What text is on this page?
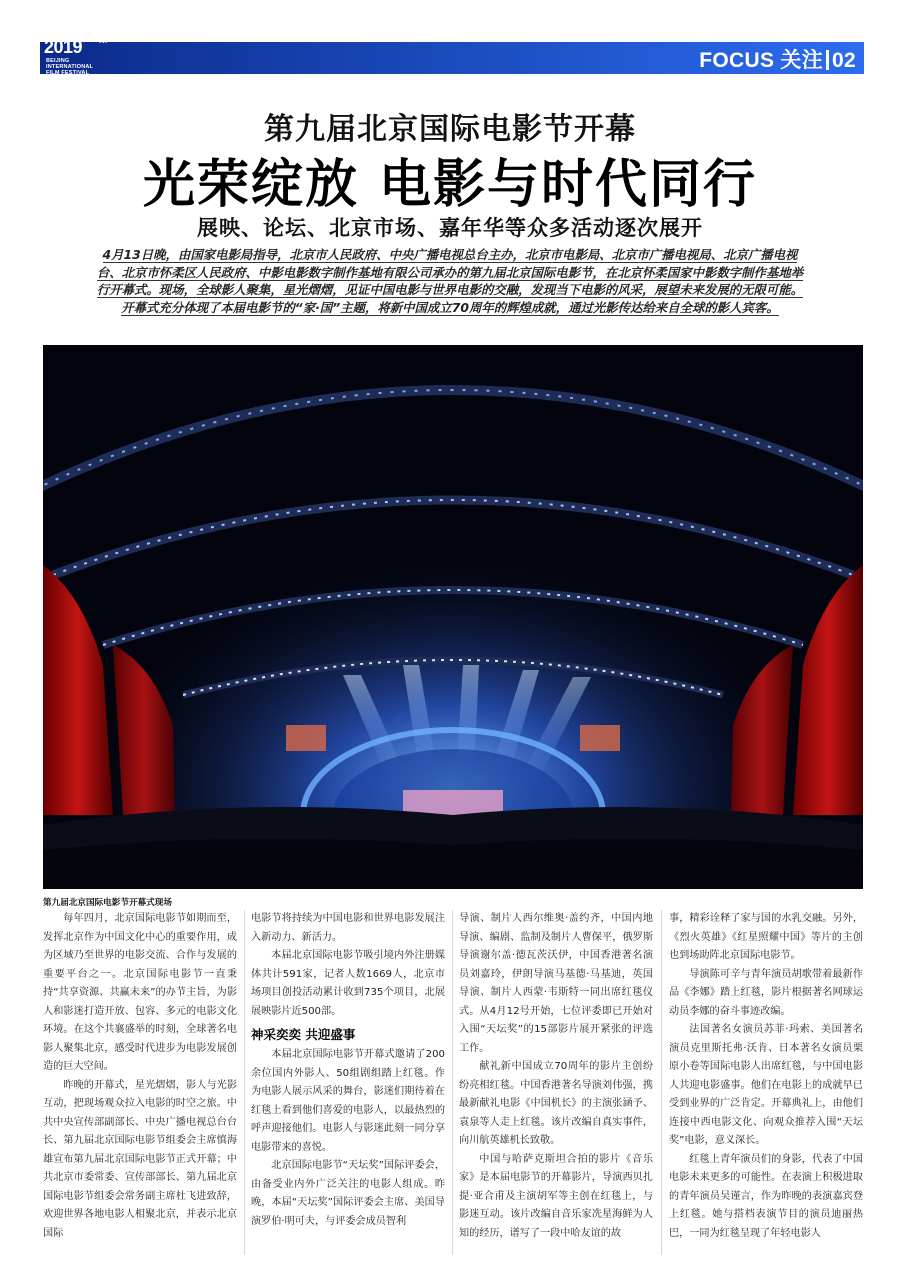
2019	TH
BEIJING
INTERNATIONAL
FILM FESTIVAL
FOCUS 关注 02
第九届北京国际电影节开幕
光荣绽放 电影与时代同行
展映、论坛、北京市场、嘉年华等众多活动逐次展开
4月13日晚，由国家电影局指导，北京市人民政府、中央广播电视总台主办，北京市电影局、北京市广播电视局、北京广播电视台、北京市怀柔区人民政府、中影电影数字制作基地有限公司承办的第九届北京国际电影节，在北京怀柔国家中影数字制作基地举行开幕式。现场，全球影人聚集，星光熠熠，见证中国电影与世界电影的交融，发现当下电影的风采，展望未来发展的无限可能。开幕式充分体现了本届电影节的“家·国”主题，将新中国成立70周年的辉煌成就，通过光影传达给来自全球的影人宾客。
第九届北京国际电影节开幕式现场

每年四月，北京国际电影节如期而至，发挥北京作为中国文化中心的重要作用，成为区域乃至世界的电影交流、合作与发展的重要平台之一。北京国际电影节一直秉持“共享资源、共赢未来”的办节主旨，为影人和影迷打造开放、包容、多元的电影文化环境。在这个共襄盛举的时刻，全球著名电影人聚集北京，感受时代进步为电影发展创造的巨大空间。

昨晚的开幕式，星光熠熠，影人与光影互动，把现场观众拉入电影的时空之旅。中共中央宣传部副部长、中央广播电视总台台长、第九届北京国际电影节组委会主席慎海雄宣布第九届北京国际电影节正式开幕；中共北京市委常委、宣传部部长、第九届北京国际电影节组委会常务副主席杜飞进致辞，欢迎世界各地电影人相聚北京，并表示北京国际

电影节将持续为中国电影和世界电影发展注入新动力、新活力。

本届北京国际电影节吸引境内外注册媒体共计591家，记者人数1669人，北京市场项目创投活动累计收到735个项目，北展展映影片近500部。

神采奕奕 共迎盛事

本届北京国际电影节开幕式邀请了200余位国内外影人、50组剧组踏上红毯。作为电影人展示风采的舞台，影迷们期待着在红毯上看到他们喜爱的电影人，以最热烈的呼声迎接他们。电影人与影迷此刻一同分享电影带来的喜悦。

北京国际电影节“天坛奖”国际评委会，由备受业内外广泛关注的电影人组成。昨晚，本届“天坛奖”国际评委会主席、美国导演罗伯·明可夫，与评委会成员智利

导演、制片人西尔维奥·盖约齐，中国内地导演、编剧、监制及制片人曹保平，俄罗斯导演谢尔盖·德瓦茨沃伊，中国香港著名演员刘嘉玲，伊朗导演马基德·马基迪，英国导演、制片人西蒙·韦斯特一同出席红毯仪式。从4月12号开始，七位评委即已开始对入围“天坛奖”的15部影片展开紧张的评选工作。

献礼新中国成立70周年的影片主创纷纷亮相红毯。中国香港著名导演刘伟强，携最新献礼电影《中国机长》的主演张涵予、袁泉等人走上红毯。该片改编自真实事件，向川航英雄机长致敬。

中国与哈萨克斯坦合拍的影片《音乐家》是本届电影节的开幕影片，导演西贝扎提·亚合甫及主演胡军等主创在红毯上，与影迷互动。该片改编自音乐家冼星海鲜为人知的经历，谱写了一段中哈友谊的故

事，精彩诠释了家与国的水乳交融。另外，《烈火英雄》《红星照耀中国》等片的主创也到场助阵北京国际电影节。

导演陈可辛与青年演员胡歌带着最新作品《李娜》踏上红毯，影片根据著名网球运动员李娜的奋斗事迹改编。

法国著名女演员苏菲·玛索、美国著名演员克里斯托弗·沃肯、日本著名女演员栗原小卷等国际电影人出席红毯，与中国电影人共迎电影盛事。他们在电影上的成就早已受到业界的广泛肯定。开幕典礼上，由他们连接中西电影文化、向观众推荐入围“天坛奖”电影，意义深长。

红毯上青年演员们的身影，代表了中国电影未来更多的可能性。在表演上积极进取的青年演员吴谨言，作为昨晚的表演嘉宾登上红毯。她与搭档表演节目的演员迪丽热巴，一同为红毯呈现了年轻电影人
